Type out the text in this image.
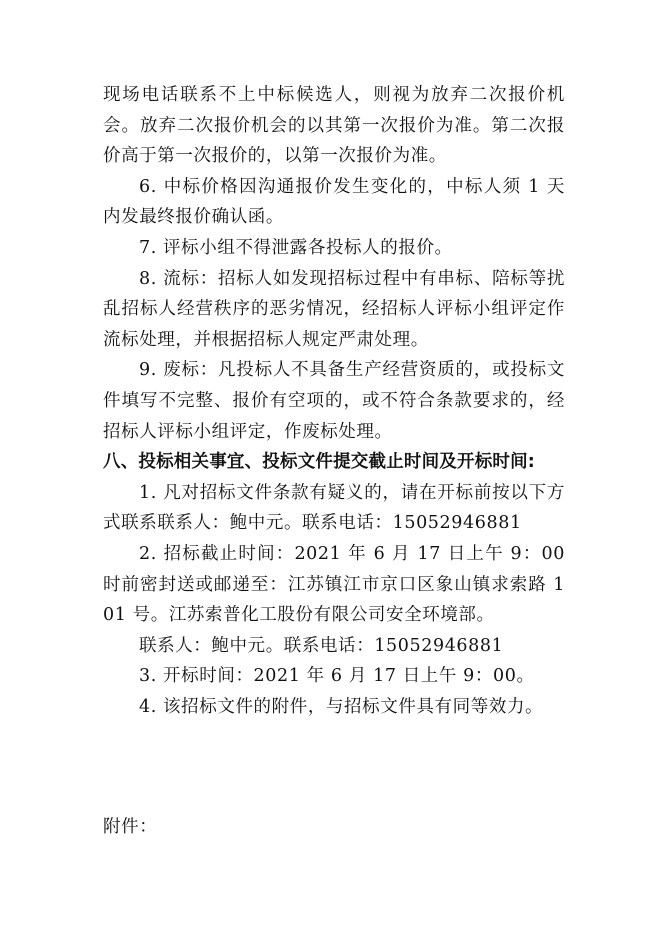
现场电话联系不上中标候选人，则视为放弃二次报价机会。放弃二次报价机会的以其第一次报价为准。第二次报价高于第一次报价的，以第一次报价为准。

6. 中标价格因沟通报价发生变化的，中标人须 1 天内发最终报价确认函。

7. 评标小组不得泄露各投标人的报价。

8. 流标：招标人如发现招标过程中有串标、陪标等扰乱招标人经营秩序的恶劣情况，经招标人评标小组评定作流标处理，并根据招标人规定严肃处理。

9. 废标：凡投标人不具备生产经营资质的，或投标文件填写不完整、报价有空项的，或不符合条款要求的，经招标人评标小组评定，作废标处理。

八、投标相关事宜、投标文件提交截止时间及开标时间:

1. 凡对招标文件条款有疑义的，请在开标前按以下方式联系联系人：鲍中元。联系电话：15052946881

2. 招标截止时间：2021 年 6 月 17 日上午 9：00 时前密封送或邮递至：江苏镇江市京口区象山镇求索路 101 号。江苏索普化工股份有限公司安全环境部。

联系人：鲍中元。联系电话：15052946881

3. 开标时间：2021 年 6 月 17 日上午 9：00。

4. 该招标文件的附件，与招标文件具有同等效力。

附件：
